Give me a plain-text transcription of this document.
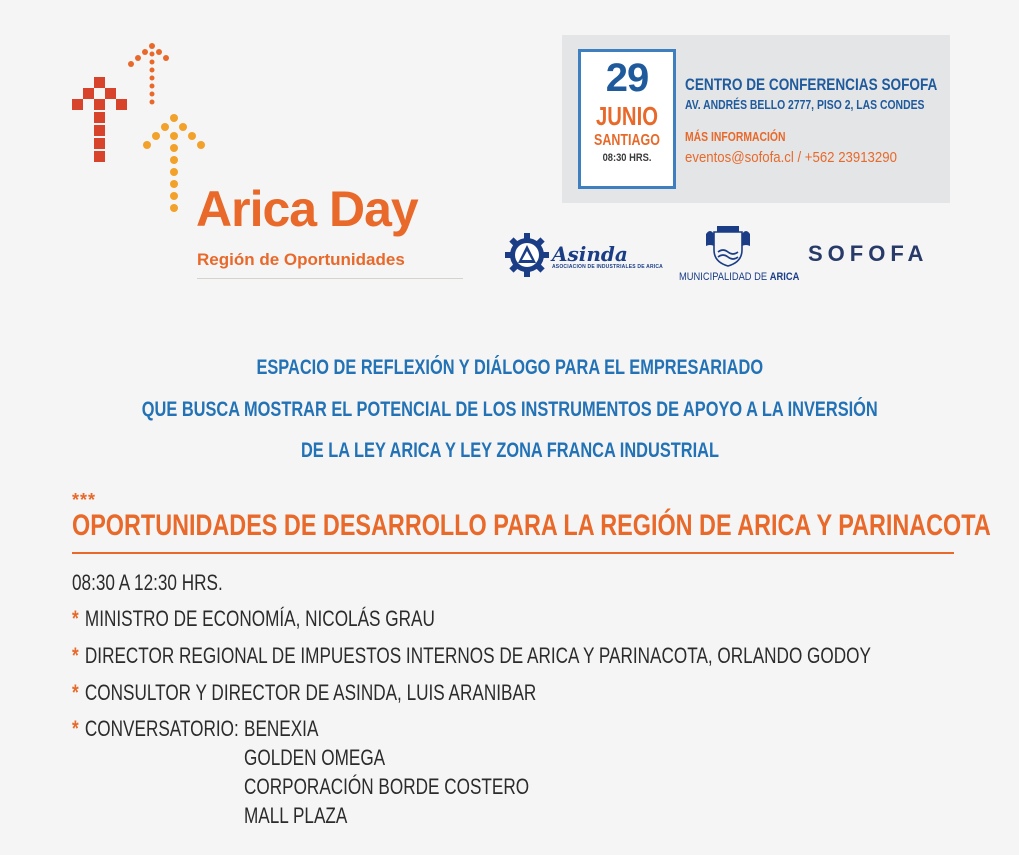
Arica Day
Región de Oportunidades
29
JUNIO
SANTIAGO
08:30 HRS.
CENTRO DE CONFERENCIAS SOFOFA
AV. ANDRÉS BELLO 2777, PISO 2, LAS CONDES
MÁS INFORMACIÓN
eventos@sofofa.cl / +562 23913290
Asinda
ASOCIACION DE INDUSTRIALES DE ARICA
MUNICIPALIDAD DE ARICA
SOFOFA
ESPACIO DE REFLEXIÓN Y DIÁLOGO PARA EL EMPRESARIADO
QUE BUSCA MOSTRAR EL POTENCIAL DE LOS INSTRUMENTOS DE APOYO A LA INVERSIÓN
DE LA LEY ARICA Y LEY ZONA FRANCA INDUSTRIAL
***
OPORTUNIDADES DE DESARROLLO PARA LA REGIÓN DE ARICA Y PARINACOTA
08:30 A 12:30 HRS.
* MINISTRO DE ECONOMÍA, NICOLÁS GRAU
* DIRECTOR REGIONAL DE IMPUESTOS INTERNOS DE ARICA Y PARINACOTA, ORLANDO GODOY
* CONSULTOR Y DIRECTOR DE ASINDA, LUIS ARANIBAR
* CONVERSATORIO: BENEXIA
GOLDEN OMEGA
CORPORACIÓN BORDE COSTERO
MALL PLAZA
